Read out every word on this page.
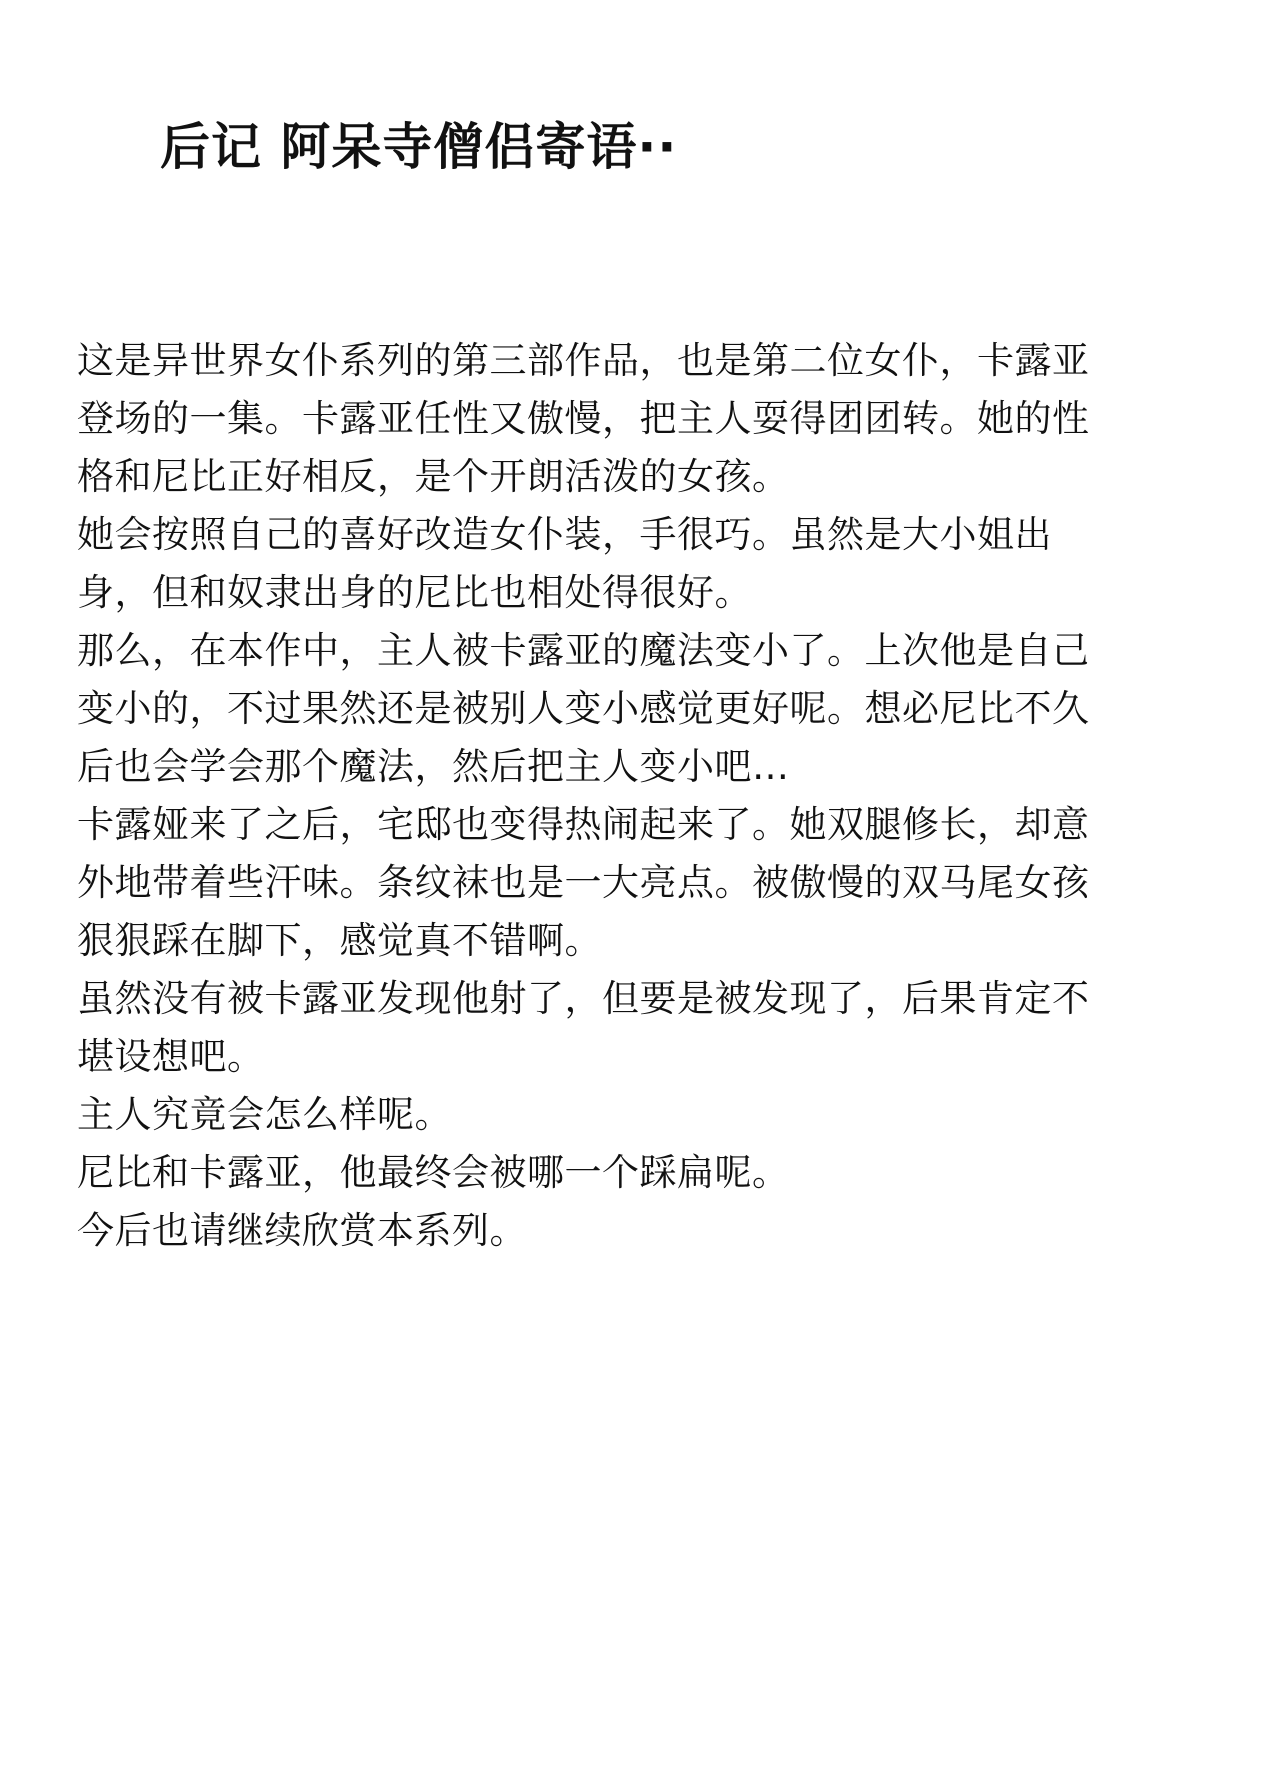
后记 阿呆寺僧侣寄语··
这是异世界女仆系列的第三部作品，也是第二位女仆，卡露亚
登场的一集。卡露亚任性又傲慢，把主人耍得团团转。她的性
格和尼比正好相反，是个开朗活泼的女孩。
她会按照自己的喜好改造女仆装，手很巧。虽然是大小姐出
身，但和奴隶出身的尼比也相处得很好。
那么，在本作中，主人被卡露亚的魔法变小了。上次他是自己
变小的，不过果然还是被别人变小感觉更好呢。想必尼比不久
后也会学会那个魔法，然后把主人变小吧…
卡露娅来了之后，宅邸也变得热闹起来了。她双腿修长，却意
外地带着些汗味。条纹袜也是一大亮点。被傲慢的双马尾女孩
狠狠踩在脚下，感觉真不错啊。
虽然没有被卡露亚发现他射了，但要是被发现了，后果肯定不
堪设想吧。
主人究竟会怎么样呢。
尼比和卡露亚，他最终会被哪一个踩扁呢。
今后也请继续欣赏本系列。
